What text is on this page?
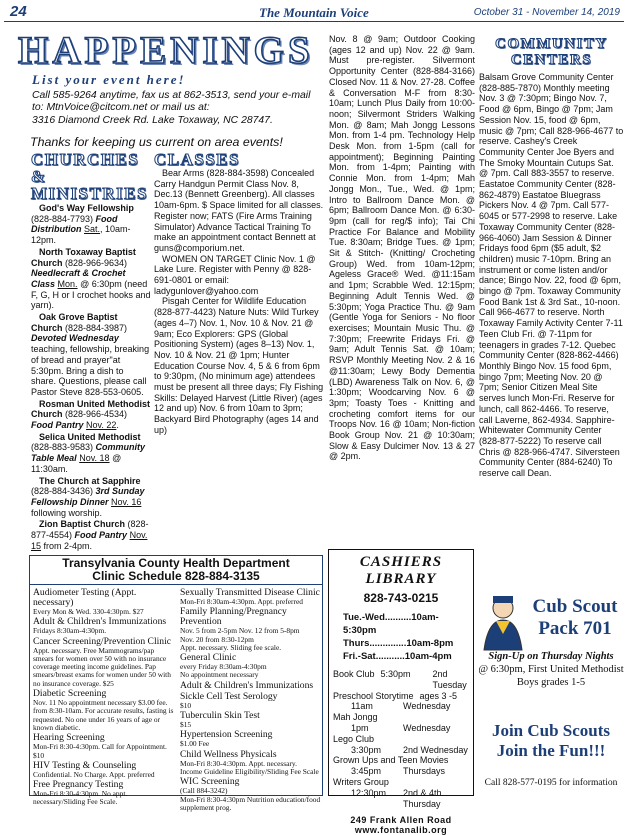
24	The Mountain Voice	October 31 - November 14, 2019
HAPPENINGS
List your event here!
Call 585-9264 anytime, fax us at 862-3513, send your e-mail
to: MtnVoice@citcom.net or mail us at:
3316 Diamond Creek Rd. Lake Toxaway, NC 28747.
Thanks for keeping us current on area events!
CHURCHES & MINISTRIES

God's Way Fellowship (828-884-7793) Food Distribution Sat., 10am-12pm.

North Toxaway Baptist Church (828-966-9634) Needlecraft & Crochet Class Mon. @ 6:30pm (need F, G, H or I crochet hooks and yarn).

Oak Grove Baptist Church (828-884-3987) Devoted Wednesday teaching, fellowship, breaking of bread and prayer"at 5:30pm. Bring a dish to share. Questions, please call Pastor Steve 828-553-0605.

Rosman United Methodist Church (828-966-4534) Food Pantry Nov. 22.

Selica United Methodist (828-883-9583) Community Table Meal Nov. 18 @ 11:30am.

The Church at Sapphire (828-884-3436) 3rd Sunday Fellowship Dinner Nov. 16 following worship.

Zion Baptist Church (828-877-4554) Food Pantry Nov. 15 from 2-4pm.

CLASSES

Bear Arms (828-884-3598) Concealed Carry Handgun Permit Class Nov. 8, Dec.13 (Bennett Greenberg). All classes 10am-6pm. $ Space limited for all classes. Register now; FATS (Fire Arms Training Simulator) Advance Tactical Training To make an appointment contact Bennett at guns@comporium.net.

WOMEN ON TARGET Clinic Nov. 1 @ Lake Lure. Register with Penny @ 828-691-0801 or email: ladygunlover@yahoo.com

Pisgah Center for Wildlife Education (828-877-4423) Nature Nuts: Wild Turkey (ages 4–7) Nov. 1, Nov. 10 & Nov. 21 @ 9am; Eco Explorers: GPS (Global Positioning System) (ages 8–13) Nov. 1, Nov. 10 & Nov. 21 @ 1pm; Hunter Education Course Nov. 4, 5 & 6 from 6pm to 9:30pm, (No minimum age) attendees must be present all three days; Fly Fishing Skills: Delayed Harvest (Little River) (ages 12 and up) Nov. 6 from 10am to 3pm; Backyard Bird Photography (ages 14 and up)

Nov. 8 @ 9am; Outdoor Cooking (ages 12 and up) Nov. 22 @ 9am. Must pre-register. Silvermont Opportunity Center (828-884-3166) Closed Nov. 11 & Nov. 27-28. Coffee & Conversation M-F from 8:30-10am; Lunch Plus Daily from 10:00-noon; Silvermont Striders Walking Mon. @ 8am; Mah Jongg Lessons Mon. from 1-4 pm. Technology Help Desk Mon. from 1-5pm (call for appointment); Beginning Painting Mon. from 1-4pm; Painting with Connie Mon. from 1-4pm; Mah Jongg Mon., Tue., Wed. @ 1pm; Intro to Ballroom Dance Mon. @ 6pm; Ballroom Dance Mon. @ 6:30-9pm (call for reg/$ info); Tai Chi Practice For Balance and Mobility Tue. 8:30am; Bridge Tues. @ 1pm; Sit & Stitch- (Knitting/ Crocheting Group) Wed. from 10am-12pm; Ageless Grace® Wed. @11:15am and 1pm; Scrabble Wed. 12:15pm; Beginning Adult Tennis Wed. @ 5:30pm; Yoga Practice Thu. @ 9am (Gentle Yoga for Seniors - No floor exercises; Mountain Music Thu. @ 7:30pm; Freewrite Fridays Fri. @ 9am; Adult Tennis Sat. @ 10am; RSVP Monthly Meeting Nov. 2 & 16 @11:30am; Lewy Body Dementia (LBD) Awareness Talk on Nov. 6, @ 1:30pm; Woodcarving Nov. 6 @ 3pm; Toasty Toes - Knitting and crocheting comfort items for our Troops Nov. 16 @ 10am; Non-fiction Book Group Nov. 21 @ 10:30am; Slow & Easy Dulcimer Nov. 13 & 27 @ 2pm.
COMMUNITY CENTERS
Balsam Grove Community Center (828-885-7870) Monthly meeting Nov. 3 @ 7:30pm; Bingo Nov. 7, Food @ 6pm, Bingo @ 7pm; Jam Session Nov. 15, food @ 6pm, music @ 7pm; Call 828-966-4677 to reserve. Cashey's Creek Community Center Joe Byers and The Smoky Mountain Cutups Sat. @ 7pm. Call 883-3557 to reserve. Eastatoe Community Center (828-862-4879) Eastatoe Bluegrass Pickers Nov. 4 @ 7pm. Call 577-6045 or 577-2998 to reserve. Lake Toxaway Community Center (828-966-4060) Jam Session & Dinner Fridays food 6pm ($5 adult, $2 children) music 7-10pm. Bring an instrument or come listen and/or dance; Bingo Nov. 22, food @ 6pm, bingo @ 7pm. Toxaway Community Food Bank 1st & 3rd Sat., 10-noon. Call 966-4677 to reserve. North Toxaway Family Activity Center 7-11 Teen Club Fri. @ 7-11pm for teenagers in grades 7-12. Quebec Community Center (828-862-4466) Monthly Bingo Nov. 15 food 6pm, bingo 7pm; Meeting Nov. 20 @ 7pm; Senior Citizen Meal Site serves lunch Mon-Fri. Reserve for lunch, call 862-4466. To reserve, call Laverne, 862-4934. Sapphire-Whitewater Community Center (828-877-5222) To reserve call Chris @ 828-966-4747. Silversteen Community Center (884-6240) To reserve call Dean.
Transylvania County Health Department
Clinic Schedule 828-884-3135
Audiometer Testing (Appt. necessary)
Every Mon & Wed. 330-4:30pm. $27
Adult & Children's Immunizations
Fridays 8:30am-4:30pm.
Cancer Screening/Prevention Clinic
Appt. necessary. Free Mammograms/pap smears for women over 50 with no insurance coverage meeting income guidelines. Pap smears/breast exams for women under 50 with no insurance coverage. $25
Diabetic Screening
Nov. 11 No appointment necessary $3.00 fee. from 8:30-10am. For accurate results, fasting is requested. No one under 16 years of age or known diabetic.
Hearing Screening
Mon-Fri 8:30-4:30pm. Call for Appointment. $10
HIV Testing & Counseling
Confidential. No Charge. Appt. preferred
Free Pregnancy Testing
Mon-Fri 8:30-4:30pm. No appt. necessary/Sliding Fee Scale.
Sexually Transmitted Disease Clinic
Mon-Fri 8:30am-4:30pm. Appt. preferred
Family Planning/Pregnancy Prevention
Nov. 5 from 2-5pm Nov. 12 from 5-8pm
Nov. 20 from 8:30-12pm
Appt. necessary. Sliding fee scale.
General Clinic
every Friday 8:30am-4:30pm
No appointment necessary
Adult & Children's Immunizations
Sickle Cell Test Serology
$10
Tuberculin Skin Test
$15
Hypertension Screening
$1.00 Fee
Child Wellness Physicals
Mon-Fri 8:30-4:30pm. Appt. necessary.
Income Guideline Eligibility/Sliding Fee Scale
WIC Screening
(Call 884-3242)
Mon-Fri 8:30-4:30pm Nutrition education/food supplement prog.
CASHIERS LIBRARY
828-743-0215
Tue.-Wed..........10am-5:30pm
Thurs..............10am-8pm
Fri.-Sat...........10am-4pm
Book Club 5:30pm	2nd Tuesday
Preschool Storytime ages 3 -5
11am	Wednesday
Mah Jongg
1pm	Wednesday
Lego Club
3:30pm	2nd Wednesday
Grown Ups and Teen Movies
3:45pm	Thursdays
Writers Group
12:30pm	2nd & 4th Thursday
249 Frank Allen Road
www.fontanalib.org
Cub Scout
Pack 701
Sign-Up on Thursday Nights
@ 6:30pm, First United Methodist
Boys grades 1-5
Join Cub Scouts
Join the Fun!!!
Call 828-577-0195 for information
